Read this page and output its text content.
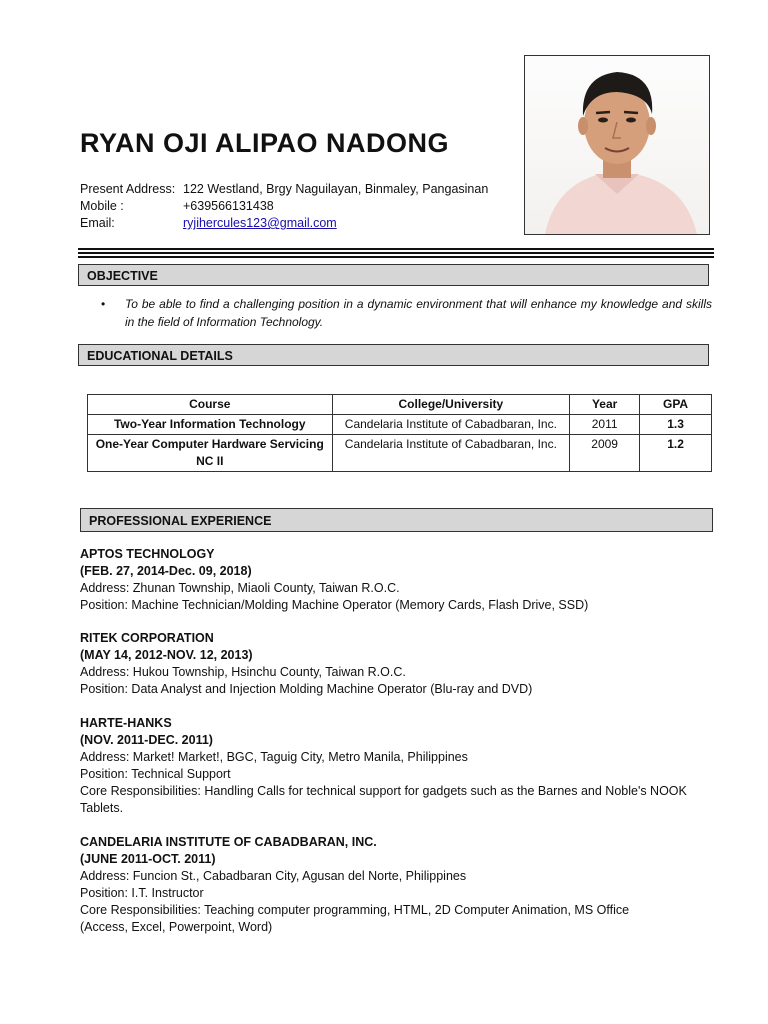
RYAN OJI ALIPAO NADONG
Present Address: 122 Westland, Brgy Naguilayan, Binmaley, Pangasinan
Mobile :	+639566131438
Email:	ryjihercules123@gmail.com
OBJECTIVE
•	To be able to find a challenging position in a dynamic environment that will enhance my knowledge and skills in the field of Information Technology.
EDUCATIONAL DETAILS
Course	College/University	Year	GPA
Two-Year Information Technology	Candelaria Institute of Cabadbaran, Inc.	2011	1.3
One-Year Computer Hardware Servicing NC II	Candelaria Institute of Cabadbaran, Inc.	2009	1.2
PROFESSIONAL EXPERIENCE
APTOS TECHNOLOGY
(FEB. 27, 2014-Dec. 09, 2018)
Address: Zhunan Township, Miaoli County, Taiwan R.O.C.
Position: Machine Technician/Molding Machine Operator (Memory Cards, Flash Drive, SSD)
RITEK CORPORATION
(MAY 14, 2012-NOV. 12, 2013)
Address: Hukou Township, Hsinchu County, Taiwan R.O.C.
Position: Data Analyst and Injection Molding Machine Operator (Blu-ray and DVD)
HARTE-HANKS
(NOV. 2011-DEC. 2011)
Address: Market! Market!, BGC, Taguig City, Metro Manila, Philippines
Position: Technical Support
Core Responsibilities: Handling Calls for technical support for gadgets such as the Barnes and Noble's NOOK Tablets.
CANDELARIA INSTITUTE OF CABADBARAN, INC.
(JUNE 2011-OCT. 2011)
Address: Funcion St., Cabadbaran City, Agusan del Norte, Philippines
Position: I.T. Instructor
Core Responsibilities: Teaching computer programming, HTML, 2D Computer Animation, MS Office (Access, Excel, Powerpoint, Word)
